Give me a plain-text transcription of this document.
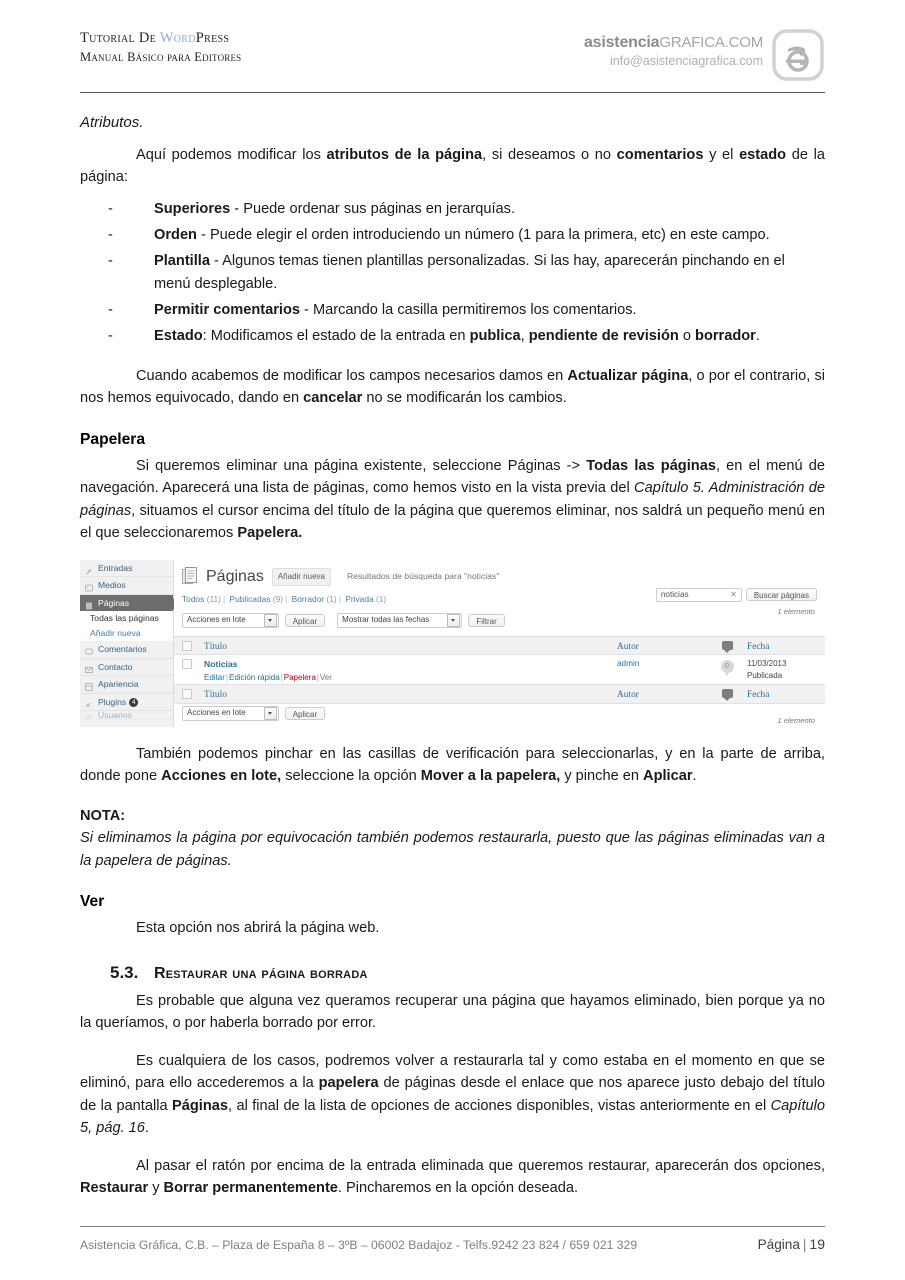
Tutorial De WordPress
Manual Básico para Editores
asistenciaGRAFICA.COM
info@asistenciagrafica.com
Atributos.

Aquí podemos modificar los atributos de la página, si deseamos o no comentarios y el estado de la página:

-	Superiores - Puede ordenar sus páginas en jerarquías.
-	Orden - Puede elegir el orden introduciendo un número (1 para la primera, etc) en este campo.
-	Plantilla - Algunos temas tienen plantillas personalizadas. Si las hay, aparecerán pinchando en el menú desplegable.
-	Permitir comentarios - Marcando la casilla permitiremos los comentarios.
-	Estado: Modificamos el estado de la entrada en publica, pendiente de revisión o borrador.

Cuando acabemos de modificar los campos necesarios damos en Actualizar página, o por el contrario, si nos hemos equivocado, dando en cancelar no se modificarán los cambios.

Papelera

Si queremos eliminar una página existente, seleccione Páginas -> Todas las páginas, en el menú de navegación. Aparecerá una lista de páginas, como hemos visto en la vista previa del Capítulo 5. Administración de páginas, situamos el cursor encima del título de la página que queremos eliminar, nos saldrá un pequeño menú en el que seleccionaremos Papelera.

Entradas
Medios
Páginas
Todas las páginas
Añadir nueva
Comentarios
Contacto
Apariencia
Plugins 4
Usuarios
Páginas	Añadir nueva	Resultados de búsqueda para "noticias"
Todos (11) | Publicadas (9) | Borrador (1) | Privada (1)
Acciones en lote	Aplicar	Mostrar todas las fechas	Filtrar
noticias	✕	Buscar páginas
1 elemento
	Título	Autor		Fecha

	Noticias
Editar|Edición rápida|Papelera|Ver	admin	0	11/03/2013
Publicada

	Título	Autor		Fecha
Acciones en lote	Aplicar
1 elemento

También podemos pinchar en las casillas de verificación para seleccionarlas, y en la parte de arriba, donde pone Acciones en lote, seleccione la opción Mover a la papelera, y pinche en Aplicar.

NOTA:

Si eliminamos la página por equivocación también podemos restaurarla, puesto que las páginas eliminadas van a la papelera de páginas.

Ver

Esta opción nos abrirá la página web.

5.3. Restaurar una página borrada

Es probable que alguna vez queramos recuperar una página que hayamos eliminado, bien porque ya no la queríamos, o por haberla borrado por error.

Es cualquiera de los casos, podremos volver a restaurarla tal y como estaba en el momento en que se eliminó, para ello accederemos a la papelera de páginas desde el enlace que nos aparece justo debajo del título de la pantalla Páginas, al final de la lista de opciones de acciones disponibles, vistas anteriormente en el Capítulo 5, pág. 16.

Al pasar el ratón por encima de la entrada eliminada que queremos restaurar, aparecerán dos opciones, Restaurar y Borrar permanentemente. Pincharemos en la opción deseada.

Asistencia Gráfica, C.B. – Plaza de España 8 – 3ºB – 06002 Badajoz - Telfs.9242 23 824 / 659 021 329	Página | 19
